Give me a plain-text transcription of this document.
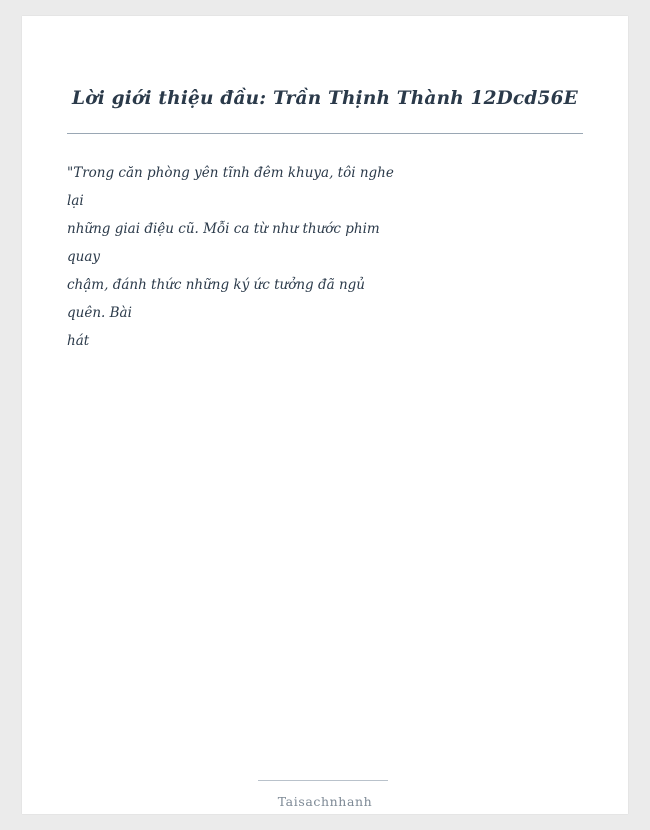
Lời giới thiệu đầu: Trần Thịnh Thành 12Dcd56E
"Trong căn phòng yên tĩnh đêm khuya, tôi nghe
lại
những giai điệu cũ. Mỗi ca từ như thước phim
quay
chậm, đánh thức những ký ức tưởng đã ngủ
quên. Bài
hát
Taisachnhanh
